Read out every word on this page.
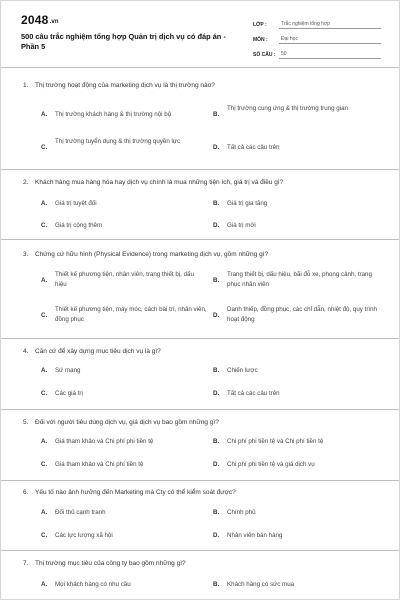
2048.vn
500 câu trắc nghiệm tổng hợp Quản trị dịch vụ có đáp án - Phần 5
LỚP :	Trắc nghiệm tổng hợp
MÔN :	Đại học
SỐ CÂU :	50
1. Thị trường hoạt động của marketing dịch vụ là thị trường nào?
A. Thị trường khách hàng & thị trường nội bộ	B.
Thị trường cung ứng & thị trường trung gian
C.
Thị trường tuyển dụng & thị trường quyền lực
D. Tất cả các câu trên
2. Khách hàng mua hàng hóa hay dịch vụ chính là mua những tiện ích, giá trị và điều gì?
A. Giá trị tuyệt đối	B. Giá trị gia tăng
C. Giá trị cộng thêm	D. Giá trị mới
3. Chứng cứ hữu hình (Physical Evidence) trong marketing dịch vụ, gồm những gì?
A.
Thiết kế phương tiện, nhân viên, trang thiết bị, dấu hiệu
B.
Trang thiết bị, dấu hiệu, bãi đỗ xe, phong cảnh, trang phục nhân viên
C.
Thiết kế phương tiện, máy móc, cách bài trí, nhân viên, đồng phục
D.
Danh thiếp, đồng phục, các chỉ dẫn, nhiệt độ, quy trình hoạt động
4. Căn cứ để xây dựng mục tiêu dịch vụ là gì?
A. Sứ mạng	B. Chiến lược
C. Các giá trị	D. Tất cả các câu trên
5. Đối với người tiêu dùng dịch vụ, giá dịch vụ bao gồm những gì?
A. Giá tham khảo và Chi phí phi tiền tệ	B. Chi phí phi tiền tệ và Chi phí tiền tệ
C. Giá tham khảo và Chi phí tiền tệ	D. Chi phí phi tiền tệ và giá dịch vụ
6. Yếu tố nào ảnh hưởng đến Marketing mà Cty có thể kiểm soát được?
A. Đối thủ cạnh tranh	B. Chính phủ
C. Các lực lượng xã hội	D. Nhân viên bán hàng
7. Thị trường mục tiêu của công ty bao gồm những gì?
A. Mọi khách hàng có nhu cầu	B. Khách hàng có sức mua
